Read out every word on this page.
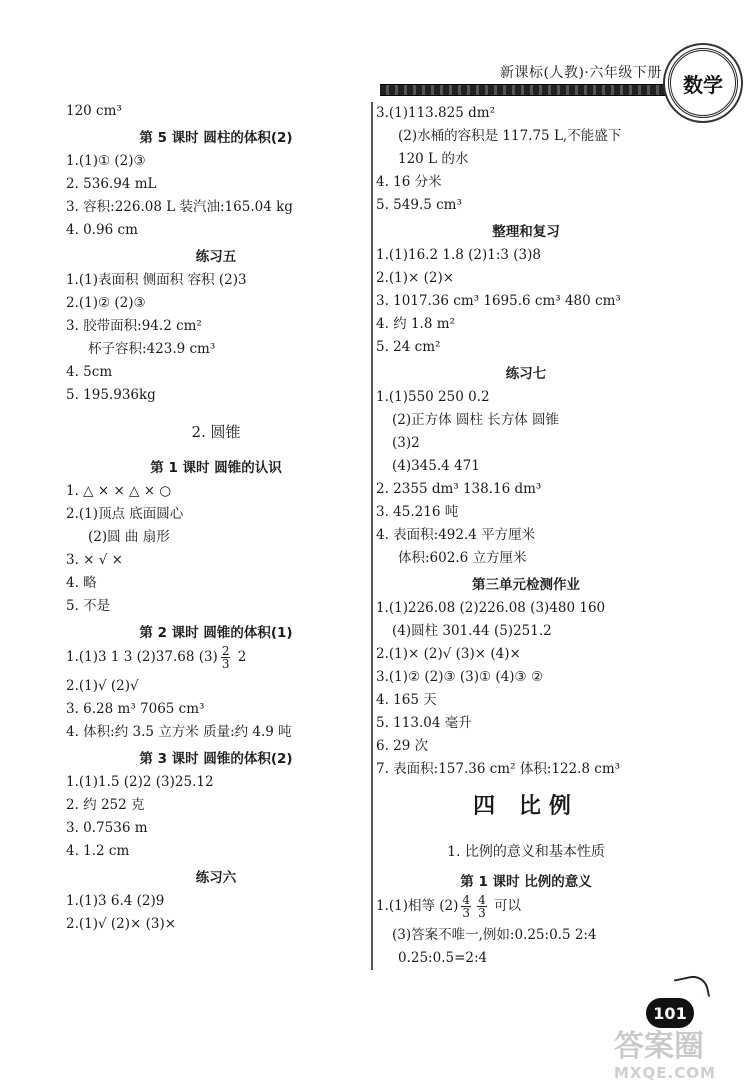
新课标(人教)·六年级下册	数学
120 cm³
第 5 课时 圆柱的体积(2)
1.(1)① (2)③
2. 536.94 mL
3. 容积:226.08 L 装汽油:165.04 kg
4. 0.96 cm
练习五
1.(1)表面积 侧面积 容积 (2)3
2.(1)② (2)③
3. 胶带面积:94.2 cm²
杯子容积:423.9 cm³
4. 5cm
5. 195.936kg
2. 圆锥
第 1 课时 圆锥的认识
1. △ × × △ × ○
2.(1)顶点 底面圆心
(2)圆 曲 扇形
3. × √ ×
4. 略
5. 不是
第 2 课时 圆锥的体积(1)
1.(1)3 1 3 (2)37.68 $(3) \frac{2}{3} 2$
2.(1)√ (2)√
3. 6.28 m³ 7065 cm³
4. 体积:约 3.5 立方米 质量:约 4.9 吨
第 3 课时 圆锥的体积(2)
1.(1)1.5 (2)2 (3)25.12
2. 约 252 克
3. 0.7536 m
4. 1.2 cm
练习六
1.(1)3 6.4 (2)9
2.(1)√ (2)× (3)×
3.(1)113.825 dm²
(2)水桶的容积是 117.75 L,不能盛下
120 L 的水
4. 16 分米
5. 549.5 cm³
整理和复习
1.(1)16.2 1.8 (2)1:3 (3)8
2.(1)× (2)×
3. 1017.36 cm³ 1695.6 cm³ 480 cm³
4. 约 1.8 m²
5. 24 cm²
练习七
1.(1)550 250 0.2
(2)正方体 圆柱 长方体 圆锥
(3)2
(4)345.4 471
2. 2355 dm³ 138.16 dm³
3. 45.216 吨
4. 表面积:492.4 平方厘米
体积:602.6 立方厘米
第三单元检测作业
1.(1)226.08 (2)226.08 (3)480 160
(4)圆柱 301.44 (5)251.2
2.(1)× (2)√ (3)× (4)×
3.(1)② (2)③ (3)① (4)③ ②
4. 165 天
5. 113.04 毫升
6. 29 次
7. 表面积:157.36 cm² 体积:122.8 cm³
四 比例
1. 比例的意义和基本性质
第 1 课时 比例的意义
1.(1)相等 $(2) \frac{4}{3} \frac{4}{3}$ 可以
(3)答案不唯一,例如:0.25:0.5 2:4
0.25:0.5=2:4
101
答案圈
MXQE.COM
